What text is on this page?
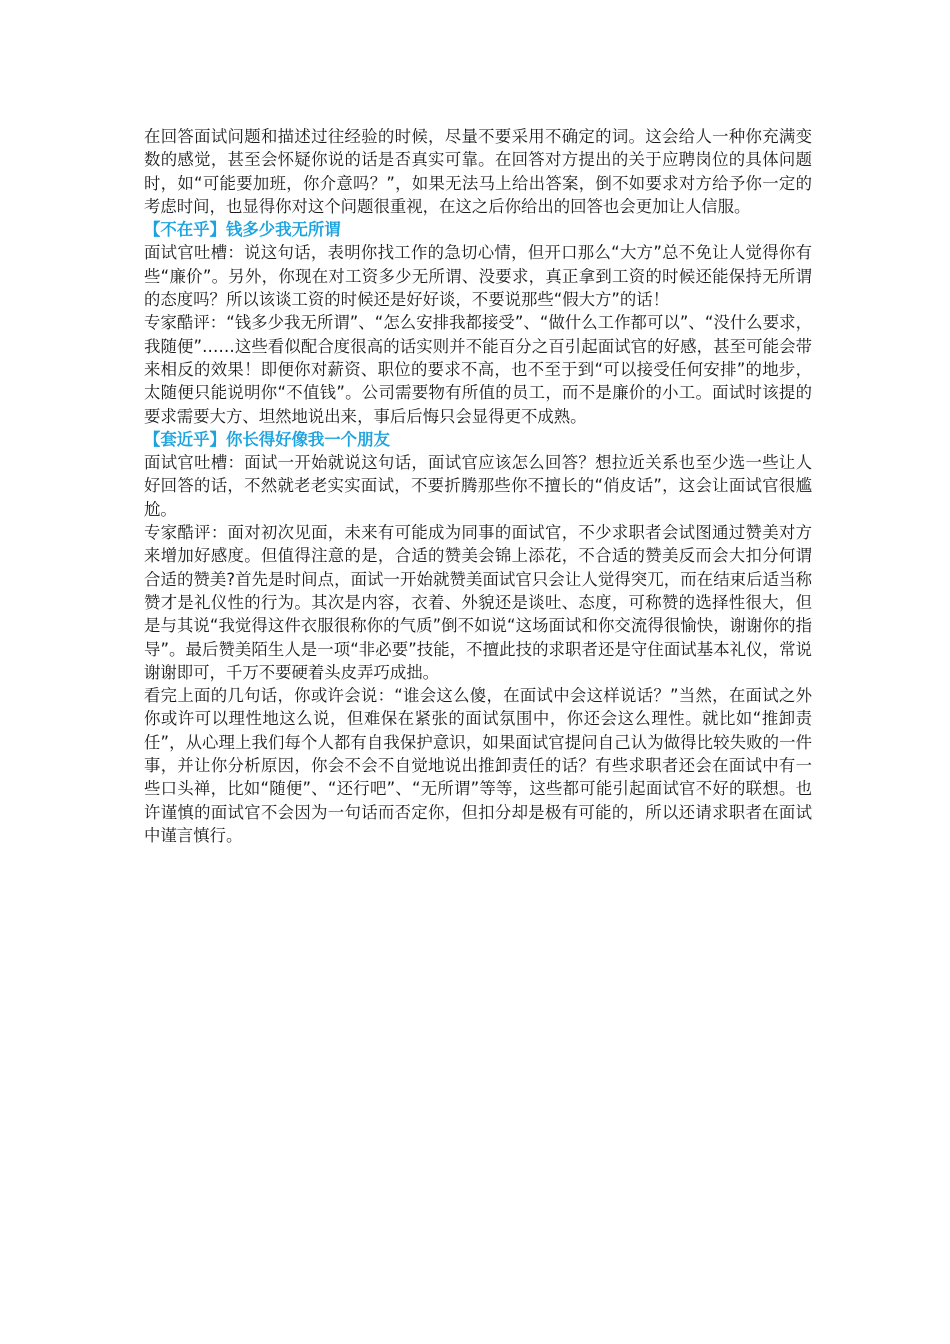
在回答面试问题和描述过往经验的时候，尽量不要采用不确定的词。这会给人一种你充满变数的感觉，甚至会怀疑你说的话是否真实可靠。在回答对方提出的关于应聘岗位的具体问题时，如“可能要加班，你介意吗？”，如果无法马上给出答案，倒不如要求对方给予你一定的考虑时间，也显得你对这个问题很重视，在这之后你给出的回答也会更加让人信服。

【不在乎】钱多少我无所谓

面试官吐槽：说这句话，表明你找工作的急切心情，但开口那么“大方”总不免让人觉得你有些“廉价”。另外，你现在对工资多少无所谓、没要求，真正拿到工资的时候还能保持无所谓的态度吗？所以该谈工资的时候还是好好谈，不要说那些“假大方”的话！

专家酷评：“钱多少我无所谓”、“怎么安排我都接受”、“做什么工作都可以”、“没什么要求，我随便”……这些看似配合度很高的话实则并不能百分之百引起面试官的好感，甚至可能会带来相反的效果！即便你对薪资、职位的要求不高，也不至于到“可以接受任何安排”的地步，太随便只能说明你“不值钱”。公司需要物有所值的员工，而不是廉价的小工。面试时该提的要求需要大方、坦然地说出来，事后后悔只会显得更不成熟。

【套近乎】你长得好像我一个朋友

面试官吐槽：面试一开始就说这句话，面试官应该怎么回答？想拉近关系也至少选一些让人好回答的话，不然就老老实实面试，不要折腾那些你不擅长的“俏皮话”，这会让面试官很尴尬。

专家酷评：面对初次见面，未来有可能成为同事的面试官，不少求职者会试图通过赞美对方来增加好感度。但值得注意的是，合适的赞美会锦上添花，不合适的赞美反而会大扣分何谓合适的赞美?首先是时间点，面试一开始就赞美面试官只会让人觉得突兀，而在结束后适当称赞才是礼仪性的行为。其次是内容，衣着、外貌还是谈吐、态度，可称赞的选择性很大，但是与其说“我觉得这件衣服很称你的气质”倒不如说“这场面试和你交流得很愉快，谢谢你的指导”。最后赞美陌生人是一项“非必要”技能，不擅此技的求职者还是守住面试基本礼仪，常说谢谢即可，千万不要硬着头皮弄巧成拙。

看完上面的几句话，你或许会说：“谁会这么傻，在面试中会这样说话？”当然，在面试之外你或许可以理性地这么说，但难保在紧张的面试氛围中，你还会这么理性。就比如“推卸责任”，从心理上我们每个人都有自我保护意识，如果面试官提问自己认为做得比较失败的一件事，并让你分析原因，你会不会不自觉地说出推卸责任的话？有些求职者还会在面试中有一些口头禅，比如“随便”、“还行吧”、“无所谓”等等，这些都可能引起面试官不好的联想。也许谨慎的面试官不会因为一句话而否定你，但扣分却是极有可能的，所以还请求职者在面试中谨言慎行。
